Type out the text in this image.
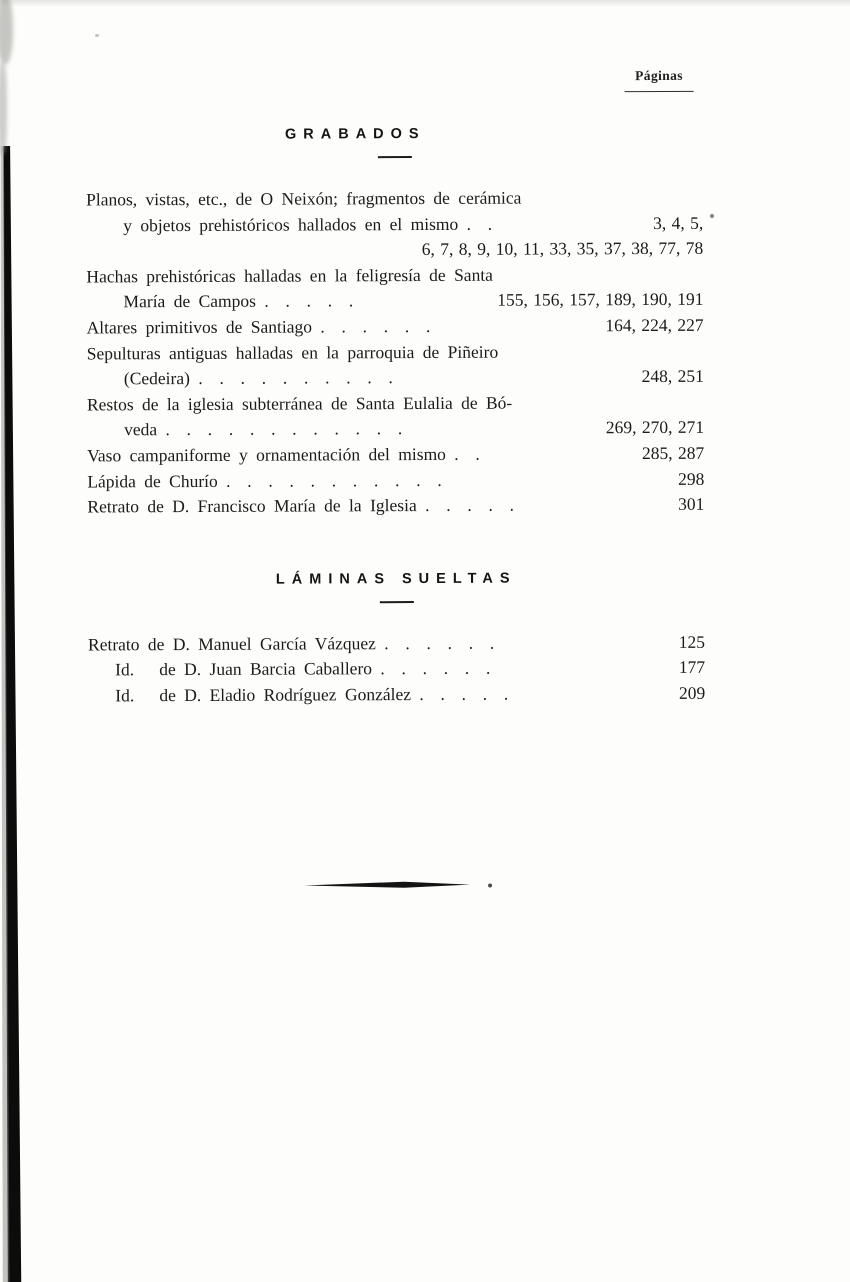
Páginas
GRABADOS
Planos, vistas, etc., de O Neixón; fragmentos de cerámica
y objetos prehistóricos hallados en el mismo .  .	3, 4, 5,
6, 7, 8, 9, 10, 11, 33, 35, 37, 38, 77, 78
Hachas prehistóricas halladas en la feligresía de Santa
María de Campos .  .  .  .  .	155, 156, 157, 189, 190, 191
Altares primitivos de Santiago .  .  .  .  .  .	164, 224, 227
Sepulturas antiguas halladas en la parroquia de Piñeiro
(Cedeira) .  .  .  .  .  .  .  .  .  .	248, 251
Restos de la iglesia subterránea de Santa Eulalia de Bó-
veda .  .  .  .  .  .  .  .  .  .  .  .	269, 270, 271
Vaso campaniforme y ornamentación del mismo .  .	285, 287
Lápida de Churío .  .  .  .  .  .  .  .  .  .  .	298
Retrato de D. Francisco María de la Iglesia .  .  .  .  .	301
LÁMINAS SUELTAS
Retrato de D. Manuel García Vázquez .  .  .  .  .  .	125
Id.   de D. Juan Barcia Caballero .  .  .  .  .  .	177
Id.   de D. Eladio Rodríguez González .  .  .  .  .	209
